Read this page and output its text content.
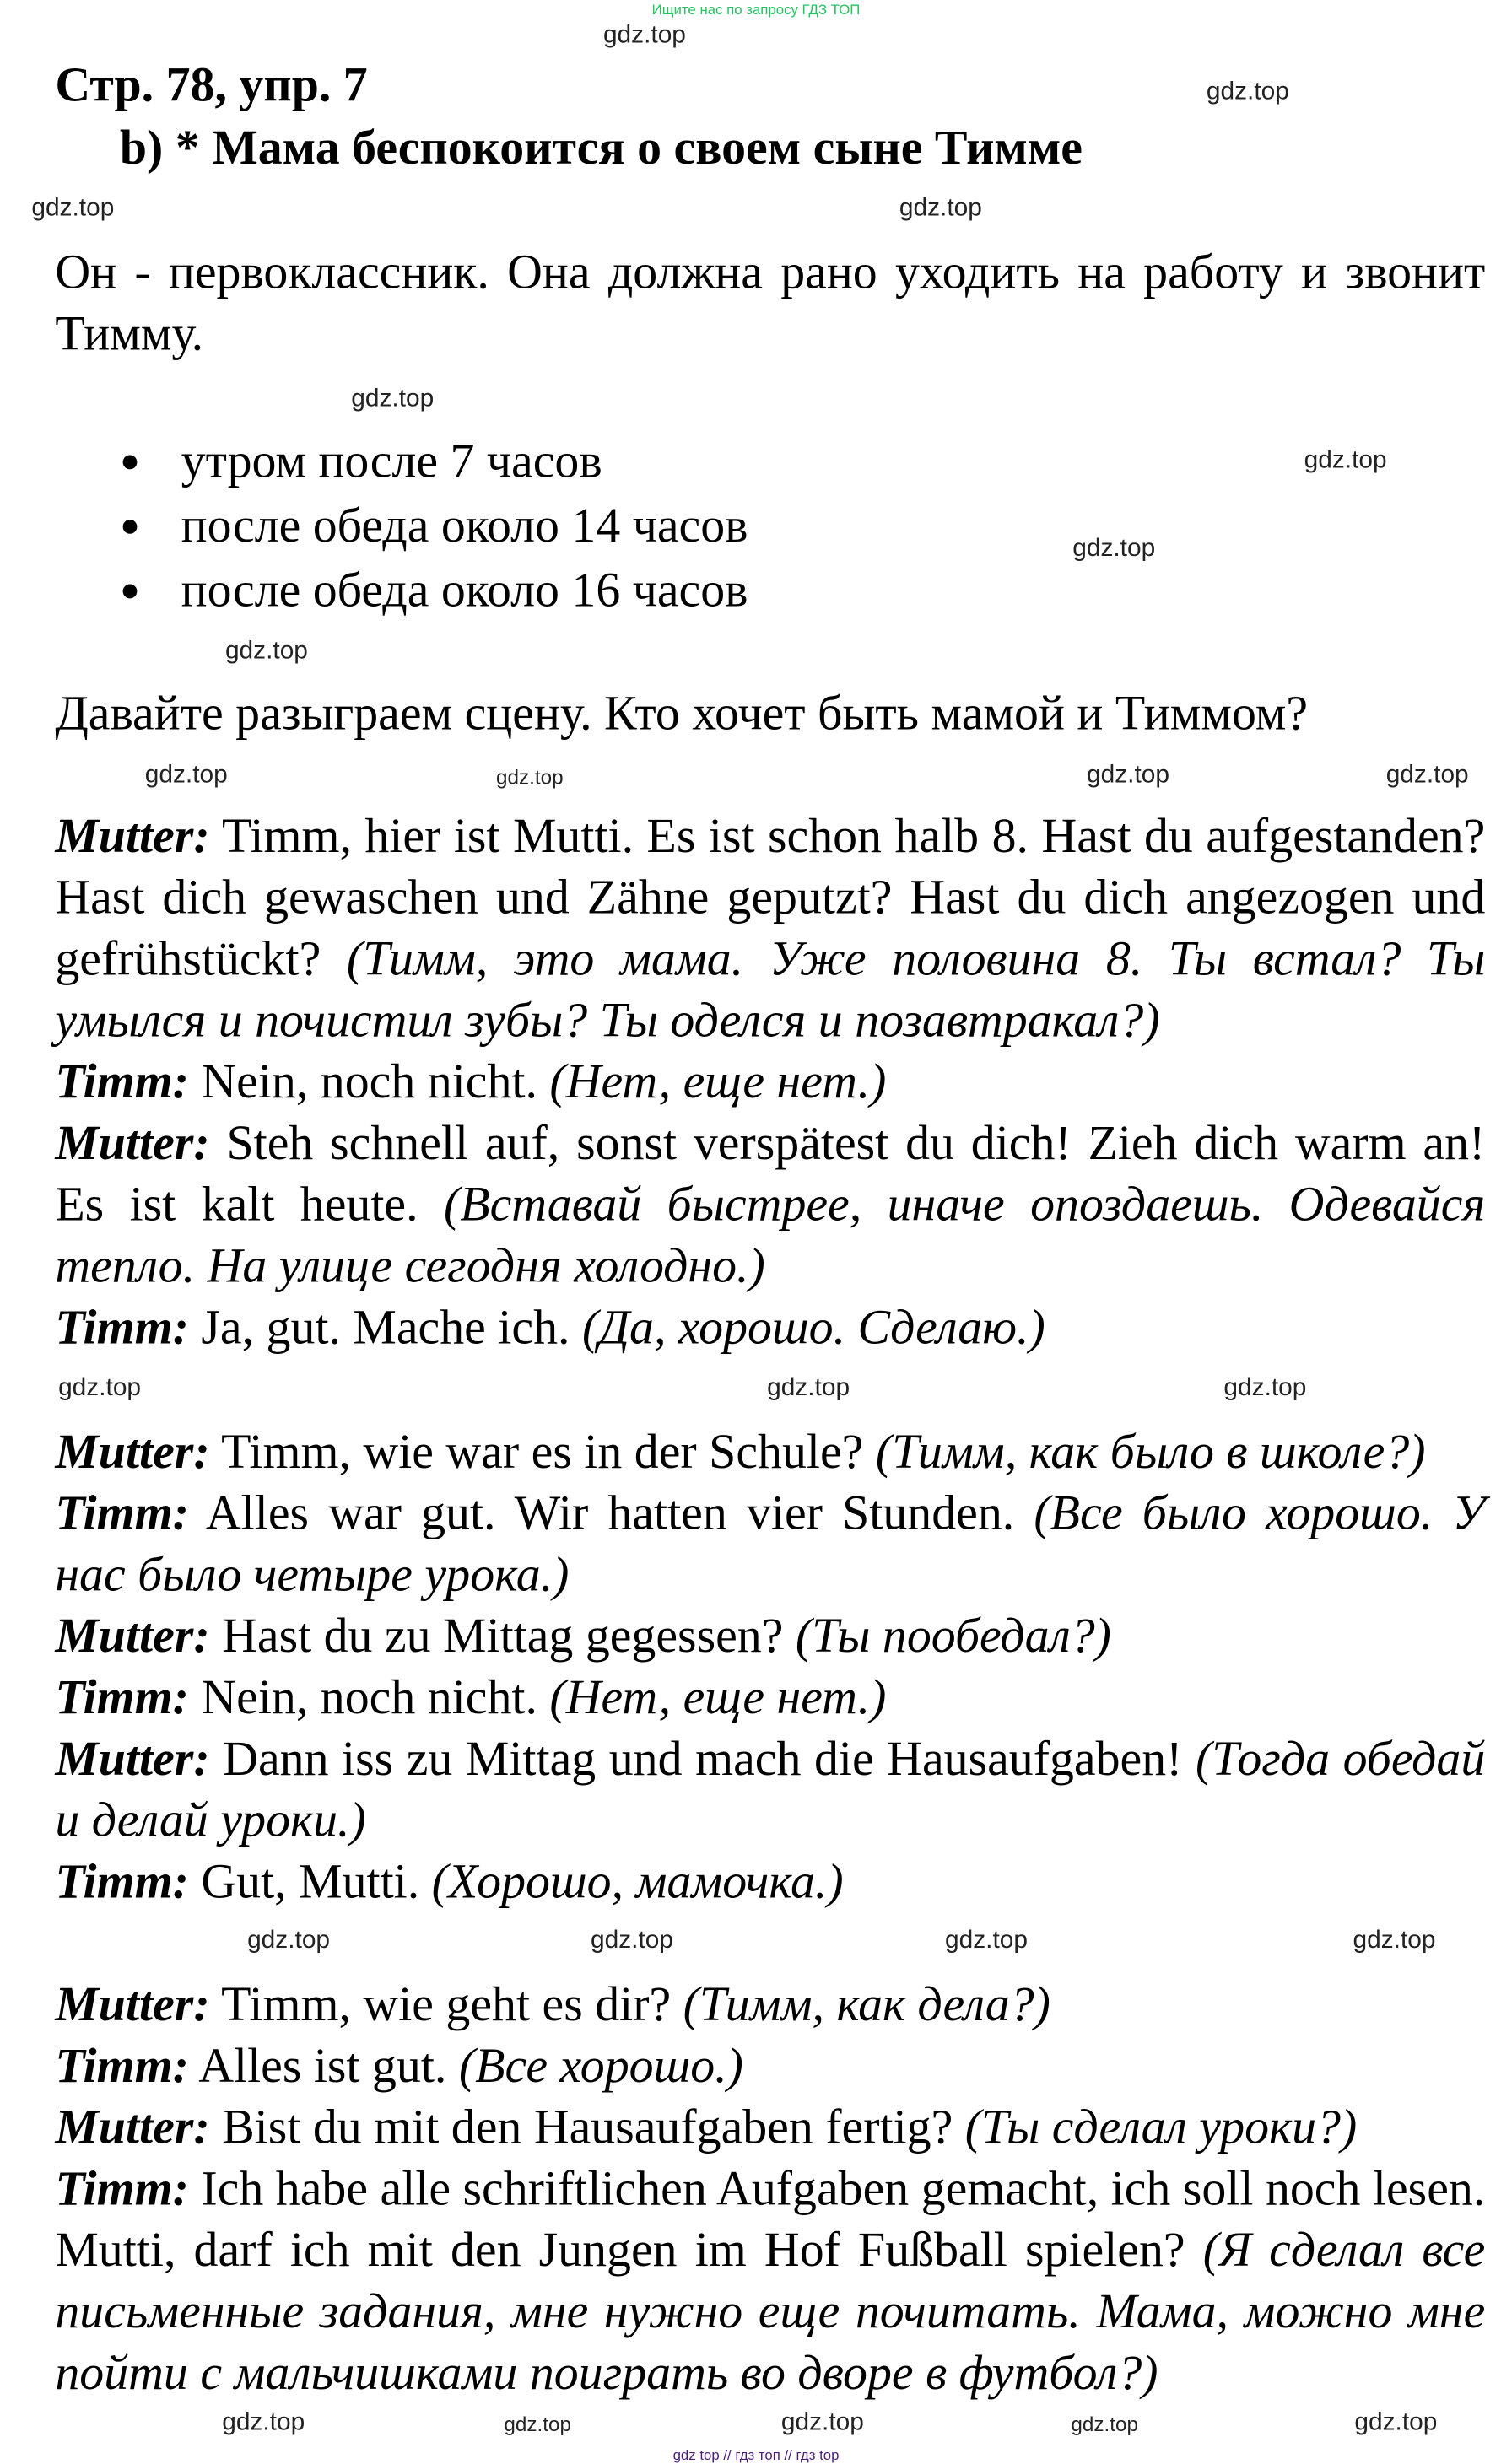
Ищите нас по запросу ГДЗ ТОП
Стр. 78, упр. 7
b) * Мама беспокоится о своем сыне Тимме
Он - первоклассник. Она должна рано уходить на работу и звонит Тимму.
утром после 7 часов
после обеда около 14 часов
после обеда около 16 часов
Давайте разыграем сцену. Кто хочет быть мамой и Тиммом?
Mutter: Timm, hier ist Mutti. Es ist schon halb 8. Hast du aufgestanden? Hast dich gewaschen und Zähne geputzt? Hast du dich angezogen und gefrühstückt? (Тимм, это мама. Уже половина 8. Ты встал? Ты умылся и почистил зубы? Ты оделся и позавтракал?)
Timm: Nein, noch nicht. (Нет, еще нет.)
Mutter: Steh schnell auf, sonst verspätest du dich! Zieh dich warm an! Es ist kalt heute. (Вставай быстрее, иначе опоздаешь. Одевайся тепло. На улице сегодня холодно.)
Timm: Ja, gut. Mache ich. (Да, хорошо. Сделаю.)
Mutter: Timm, wie war es in der Schule? (Тимм, как было в школе?)
Timm: Alles war gut. Wir hatten vier Stunden. (Все было хорошо. У нас было четыре урока.)
Mutter: Hast du zu Mittag gegessen? (Ты пообедал?)
Timm: Nein, noch nicht. (Нет, еще нет.)
Mutter: Dann iss zu Mittag und mach die Hausaufgaben! (Тогда обедай и делай уроки.)
Timm: Gut, Mutti. (Хорошо, мамочка.)
Mutter: Timm, wie geht es dir? (Тимм, как дела?)
Timm: Alles ist gut. (Все хорошо.)
Mutter: Bist du mit den Hausaufgaben fertig? (Ты сделал уроки?)
Timm: Ich habe alle schriftlichen Aufgaben gemacht, ich soll noch lesen. Mutti, darf ich mit den Jungen im Hof Fußball spielen? (Я сделал все письменные задания, мне нужно еще почитать. Мама, можно мне пойти с мальчишками поиграть во дворе в футбол?)
gdz.top
gdz.top
gdz.top	gdz.top
gdz.top
gdz.top
gdz.top
gdz.top
gdz.top	gdz.top	gdz.top
gdz.top
gdz.top
gdz.top
gdz.top
gdz.top	gdz.top
gdz.top
gdz.top
gdz.top	gdz.top
gdz.top	gdz.top
gdz.top
gdz top // гдз топ // гдз top
